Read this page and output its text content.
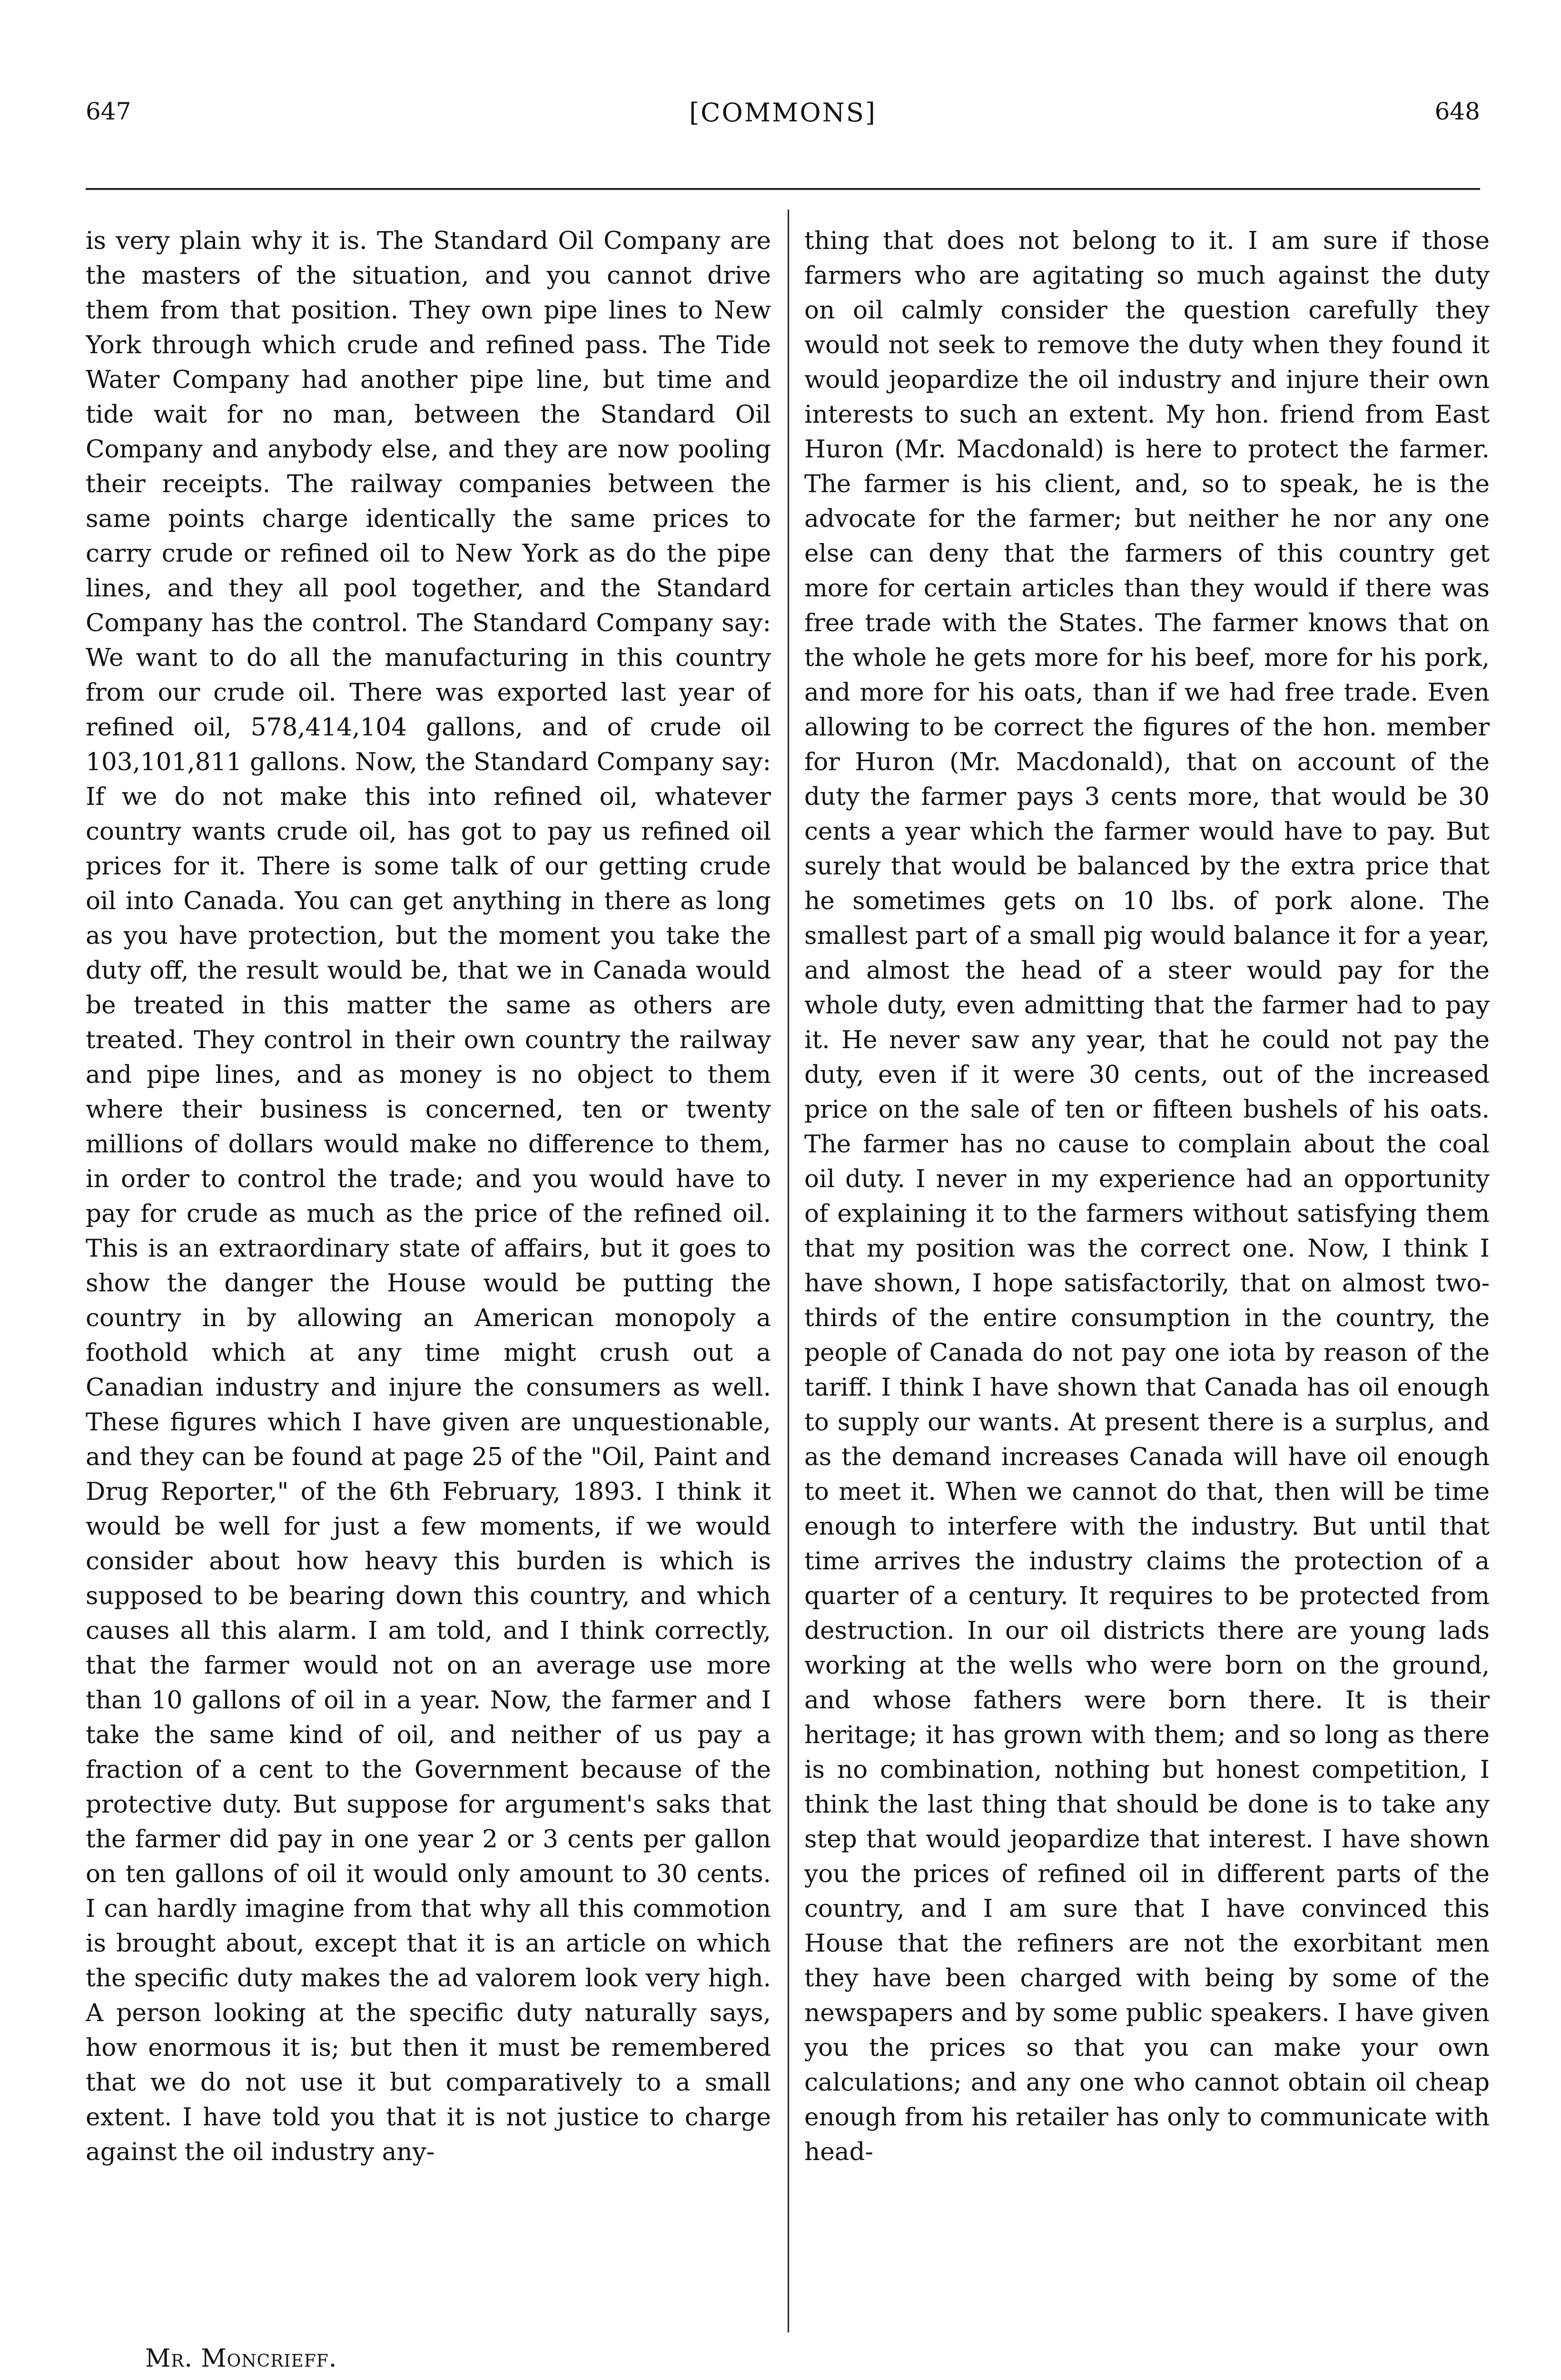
647	[COMMONS]	648

is very plain why it is. The Standard Oil Company are the masters of the situation, and you cannot drive them from that position. They own pipe lines to New York through which crude and refined pass. The Tide Water Company had another pipe line, but time and tide wait for no man, between the Standard Oil Company and anybody else, and they are now pooling their receipts. The railway companies between the same points charge identically the same prices to carry crude or refined oil to New York as do the pipe lines, and they all pool together, and the Standard Company has the control. The Standard Company say: We want to do all the manufacturing in this country from our crude oil. There was exported last year of refined oil, 578,414,104 gallons, and of crude oil 103,101,811 gallons. Now, the Standard Company say: If we do not make this into refined oil, whatever country wants crude oil, has got to pay us refined oil prices for it. There is some talk of our getting crude oil into Canada. You can get anything in there as long as you have protection, but the moment you take the duty off, the result would be, that we in Canada would be treated in this matter the same as others are treated. They control in their own country the railway and pipe lines, and as money is no object to them where their business is concerned, ten or twenty millions of dollars would make no difference to them, in order to control the trade; and you would have to pay for crude as much as the price of the refined oil. This is an extraordinary state of affairs, but it goes to show the danger the House would be putting the country in by allowing an American monopoly a foothold which at any time might crush out a Canadian industry and injure the consumers as well. These figures which I have given are unquestionable, and they can be found at page 25 of the "Oil, Paint and Drug Reporter," of the 6th February, 1893. I think it would be well for just a few moments, if we would consider about how heavy this burden is which is supposed to be bearing down this country, and which causes all this alarm. I am told, and I think correctly, that the farmer would not on an average use more than 10 gallons of oil in a year. Now, the farmer and I take the same kind of oil, and neither of us pay a fraction of a cent to the Government because of the protective duty. But suppose for argument's saks that the farmer did pay in one year 2 or 3 cents per gallon on ten gallons of oil it would only amount to 30 cents. I can hardly imagine from that why all this commotion is brought about, except that it is an article on which the specific duty makes the ad valorem look very high. A person looking at the specific duty naturally says, how enormous it is; but then it must be remembered that we do not use it but comparatively to a small extent. I have told you that it is not justice to charge against the oil industry any-

thing that does not belong to it. I am sure if those farmers who are agitating so much against the duty on oil calmly consider the question carefully they would not seek to remove the duty when they found it would jeopardize the oil industry and injure their own interests to such an extent. My hon. friend from East Huron (Mr. Macdonald) is here to protect the farmer. The farmer is his client, and, so to speak, he is the advocate for the farmer; but neither he nor any one else can deny that the farmers of this country get more for certain articles than they would if there was free trade with the States. The farmer knows that on the whole he gets more for his beef, more for his pork, and more for his oats, than if we had free trade. Even allowing to be correct the figures of the hon. member for Huron (Mr. Macdonald), that on account of the duty the farmer pays 3 cents more, that would be 30 cents a year which the farmer would have to pay. But surely that would be balanced by the extra price that he sometimes gets on 10 lbs. of pork alone. The smallest part of a small pig would balance it for a year, and almost the head of a steer would pay for the whole duty, even admitting that the farmer had to pay it. He never saw any year, that he could not pay the duty, even if it were 30 cents, out of the increased price on the sale of ten or fifteen bushels of his oats. The farmer has no cause to complain about the coal oil duty. I never in my experience had an opportunity of explaining it to the farmers without satisfying them that my position was the correct one. Now, I think I have shown, I hope satisfactorily, that on almost two-thirds of the entire consumption in the country, the people of Canada do not pay one iota by reason of the tariff. I think I have shown that Canada has oil enough to supply our wants. At present there is a surplus, and as the demand increases Canada will have oil enough to meet it. When we cannot do that, then will be time enough to interfere with the industry. But until that time arrives the industry claims the protection of a quarter of a century. It requires to be protected from destruction. In our oil districts there are young lads working at the wells who were born on the ground, and whose fathers were born there. It is their heritage; it has grown with them; and so long as there is no combination, nothing but honest competition, I think the last thing that should be done is to take any step that would jeopardize that interest. I have shown you the prices of refined oil in different parts of the country, and I am sure that I have convinced this House that the refiners are not the exorbitant men they have been charged with being by some of the newspapers and by some public speakers. I have given you the prices so that you can make your own calculations; and any one who cannot obtain oil cheap enough from his retailer has only to communicate with head-

Mr. Moncrieff.
